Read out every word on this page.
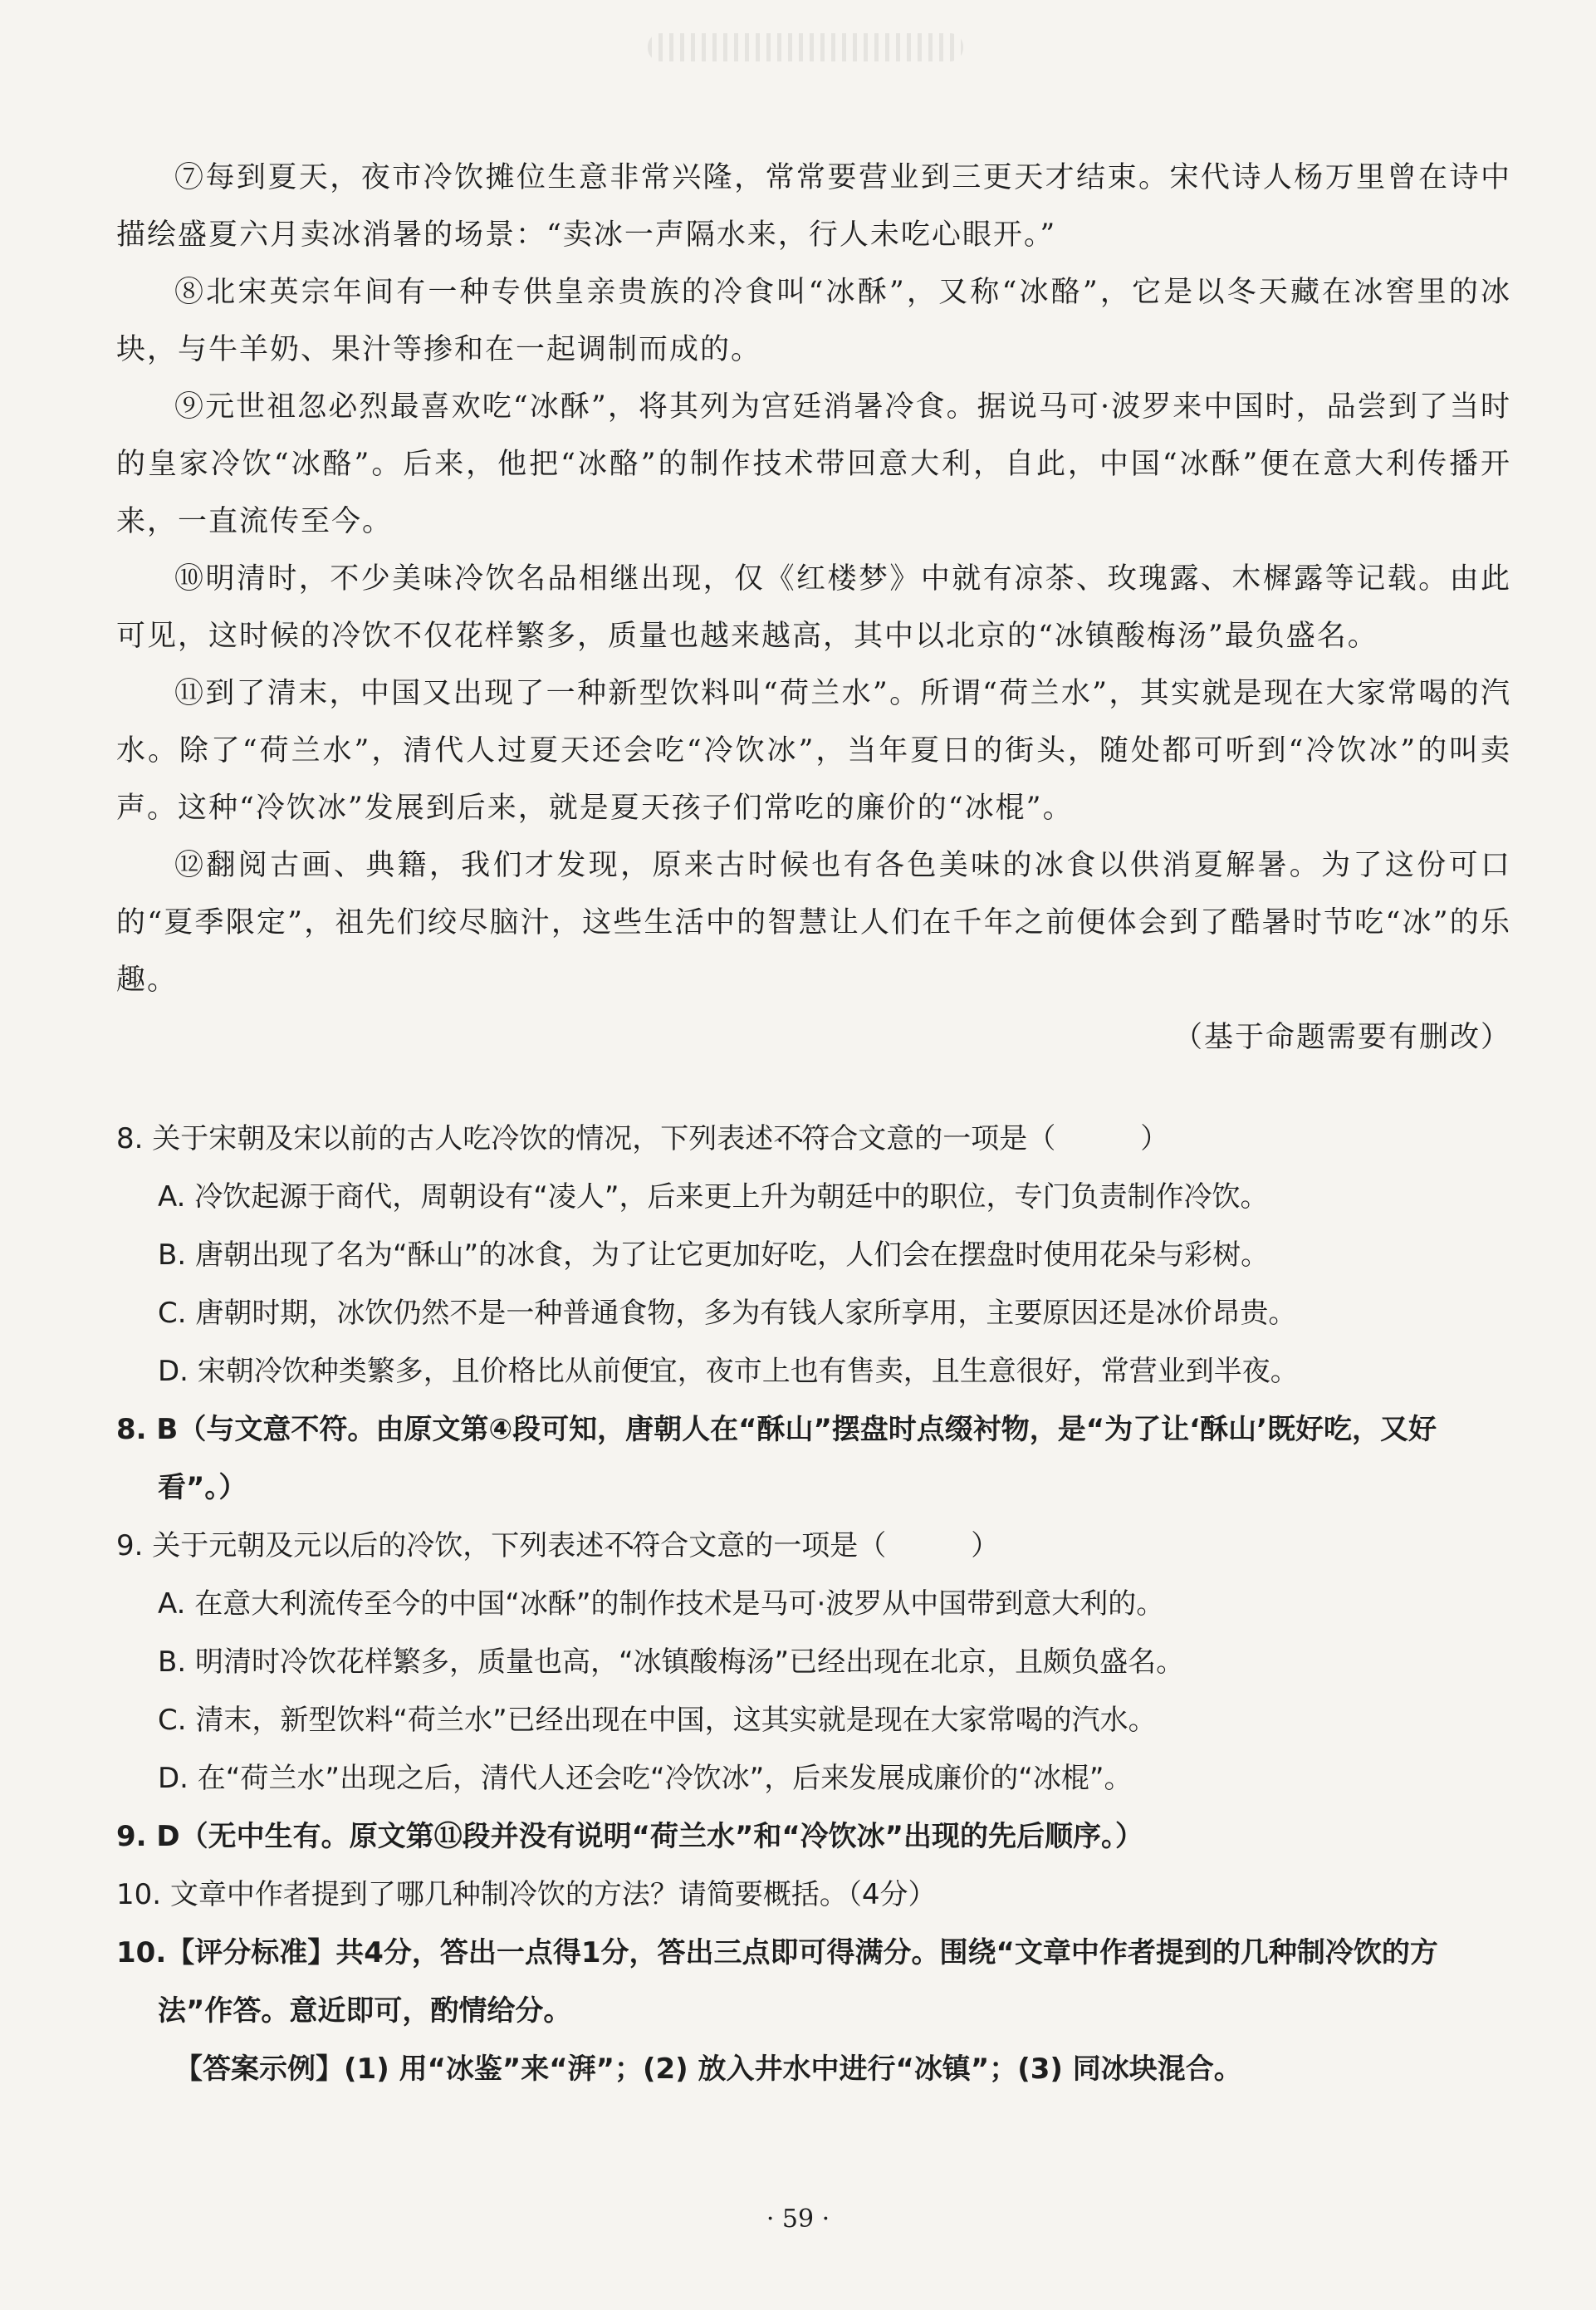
⑦每到夏天，夜市冷饮摊位生意非常兴隆，常常要营业到三更天才结束。宋代诗人杨万里曾在诗中描绘盛夏六月卖冰消暑的场景：“卖冰一声隔水来，行人未吃心眼开。”

⑧北宋英宗年间有一种专供皇亲贵族的冷食叫“冰酥”，又称“冰酪”，它是以冬天藏在冰窖里的冰块，与牛羊奶、果汁等掺和在一起调制而成的。

⑨元世祖忽必烈最喜欢吃“冰酥”，将其列为宫廷消暑冷食。据说马可·波罗来中国时，品尝到了当时的皇家冷饮“冰酪”。后来，他把“冰酪”的制作技术带回意大利，自此，中国“冰酥”便在意大利传播开来，一直流传至今。

⑩明清时，不少美味冷饮名品相继出现，仅《红楼梦》中就有凉茶、玫瑰露、木樨露等记载。由此可见，这时候的冷饮不仅花样繁多，质量也越来越高，其中以北京的“冰镇酸梅汤”最负盛名。

⑪到了清末，中国又出现了一种新型饮料叫“荷兰水”。所谓“荷兰水”，其实就是现在大家常喝的汽水。除了“荷兰水”，清代人过夏天还会吃“冷饮冰”，当年夏日的街头，随处都可听到“冷饮冰”的叫卖声。这种“冷饮冰”发展到后来，就是夏天孩子们常吃的廉价的“冰棍”。

⑫翻阅古画、典籍，我们才发现，原来古时候也有各色美味的冰食以供消夏解暑。为了这份可口的“夏季限定”，祖先们绞尽脑汁，这些生活中的智慧让人们在千年之前便体会到了酷暑时节吃“冰”的乐趣。

（基于命题需要有删改）

8. 关于宋朝及宋以前的古人吃冷饮的情况，下列表述不符合 • • •文意的一项是（　　　）

A. 冷饮起源于商代，周朝设有“凌人”，后来更上升为朝廷中的职位，专门负责制作冷饮。

B. 唐朝出现了名为“酥山”的冰食，为了让它更加好吃，人们会在摆盘时使用花朵与彩树。

C. 唐朝时期，冰饮仍然不是一种普通食物，多为有钱人家所享用，主要原因还是冰价昂贵。

D. 宋朝冷饮种类繁多，且价格比从前便宜，夜市上也有售卖，且生意很好，常营业到半夜。

8. B（与文意不符。由原文第④段可知，唐朝人在“酥山”摆盘时点缀衬物，是“为了让‘酥山’既好吃，又好看”。）

9. 关于元朝及元以后的冷饮，下列表述不符合 • • •文意的一项是（　　　）

A. 在意大利流传至今的中国“冰酥”的制作技术是马可·波罗从中国带到意大利的。

B. 明清时冷饮花样繁多，质量也高，“冰镇酸梅汤”已经出现在北京，且颇负盛名。

C. 清末，新型饮料“荷兰水”已经出现在中国，这其实就是现在大家常喝的汽水。

D. 在“荷兰水”出现之后，清代人还会吃“冷饮冰”，后来发展成廉价的“冰棍”。

9. D（无中生有。原文第⑪段并没有说明“荷兰水”和“冷饮冰”出现的先后顺序。）

10. 文章中作者提到了哪几种制冷饮的方法？请简要概括。（4分）

10.【评分标准】共4分，答出一点得1分，答出三点即可得满分。围绕“文章中作者提到的几种制冷饮的方法”作答。意近即可，酌情给分。

【答案示例】(1) 用“冰鉴”来“湃”；(2) 放入井水中进行“冰镇”；(3) 同冰块混合。

· 59 ·
